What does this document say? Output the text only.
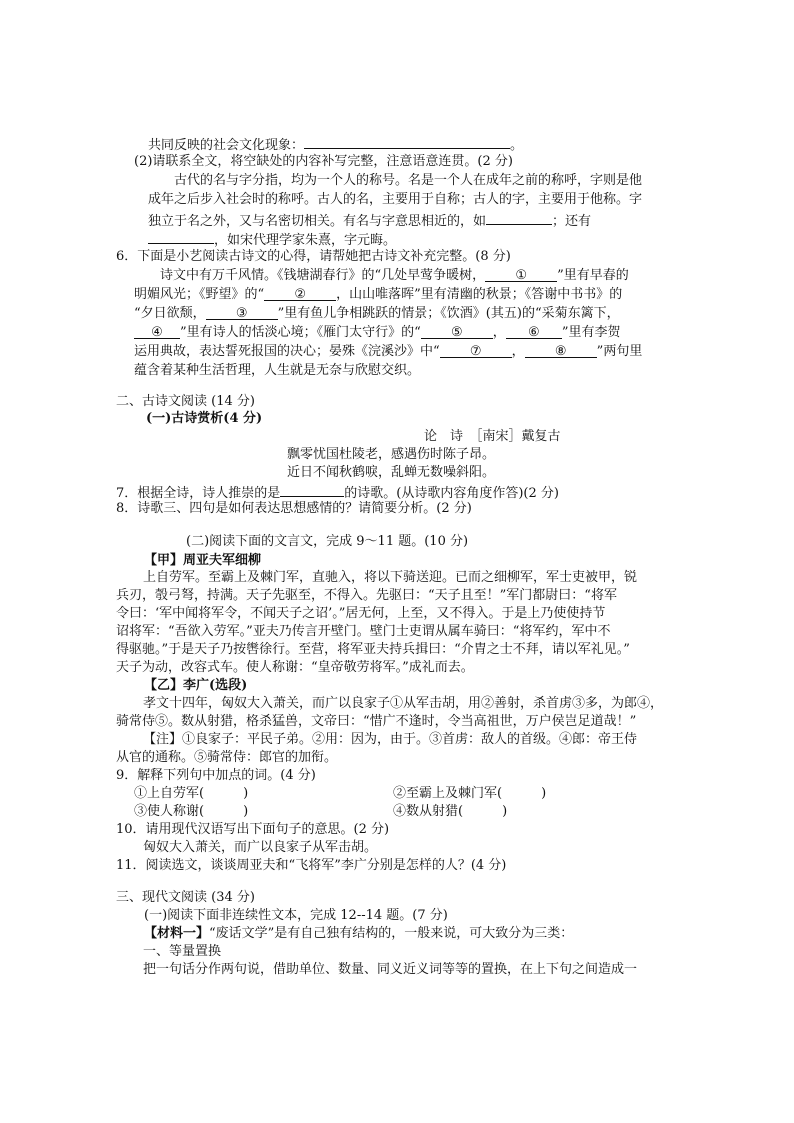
共同反映的社会文化现象：	。
(2)请联系全文，将空缺处的内容补写完整，注意语意连贯。(2 分)
古代的名与字分指，均为一个人的称号。名是一个人在成年之前的称呼，字则是他
成年之后步入社会时的称呼。古人的名，主要用于自称；古人的字，主要用于他称。字
独立于名之外，又与名密切相关。有名与字意思相近的，如	；还有
，如宋代理学家朱熹，字元晦。
6．下面是小艺阅读古诗文的心得，请帮她把古诗文补充完整。(8 分)
诗文中有万千风情。《钱塘湖春行》的“几处早莺争暖树， ① ”里有早春的
明媚风光；《野望》的“ ② ，山山唯落晖”里有清幽的秋景；《答谢中书书》的
“夕日欲颓， ③ ”里有鱼儿争相跳跃的情景；《饮酒》(其五)的“采菊东篱下，
④ ”里有诗人的恬淡心境；《雁门太守行》的“ ⑤ ， ⑥ ”里有李贺
运用典故，表达誓死报国的决心；晏殊《浣溪沙》中“ ⑦ ， ⑧ ”两句里
蕴含着某种生活哲理，人生就是无奈与欣慰交织。
二、古诗文阅读 (14 分)
(一)古诗赏析(4 分)
论　诗　［南宋］戴复古
飘零忧国杜陵老，感遇伤时陈子昂。
近日不闻秋鹤唳，乱蝉无数噪斜阳。
7．根据全诗，诗人推崇的是	的诗歌。(从诗歌内容角度作答)(2 分)
8．诗歌三、四句是如何表达思想感情的？请简要分析。(2 分)
(二)阅读下面的文言文，完成 9～11 题。(10 分)
【甲】周亚夫军细柳
上自劳军。至霸上及棘门军，直驰入，将以下骑送迎。已而之细柳军，军士吏被甲，锐
兵刃，彀弓弩，持满。天子先驱至，不得入。先驱曰：“天子且至！”军门都尉曰：“将军
令曰：‘军中闻将军令，不闻天子之诏’。”居无何，上至，又不得入。于是上乃使使持节
诏将军：“吾欲入劳军。”亚夫乃传言开壁门。壁门士吏谓从属车骑曰：“将军约，军中不
得驱驰。”于是天子乃按辔徐行。至营，将军亚夫持兵揖曰：“介胄之士不拜，请以军礼见。”
天子为动，改容式车。使人称谢：“皇帝敬劳将军。”成礼而去。
【乙】李广(选段)
孝文十四年，匈奴大入萧关，而广以良家子①从军击胡，用②善射，杀首虏③多，为郎④，
骑常侍⑤。数从射猎，格杀猛兽，文帝曰：“惜广不逢时，令当高祖世，万户侯岂足道哉！”
【注】①良家子：平民子弟。②用：因为，由于。③首虏：敌人的首级。④郎：帝王侍
从官的通称。⑤骑常侍：郎官的加衔。
9．解释下列句中加点的词。(4 分)
①上自劳军(　　　)	②至霸上及棘门军(　　　)
③使人称谢(　　　)	④数从射猎(　　　)
10．请用现代汉语写出下面句子的意思。(2 分)
匈奴大入萧关，而广以良家子从军击胡。
11．阅读选文，谈谈周亚夫和“飞将军”李广分别是怎样的人？(4 分)
三、现代文阅读 (34 分)
(一)阅读下面非连续性文本，完成 12--14 题。(7 分)
【材料一】“废话文学”是有自己独有结构的，一般来说，可大致分为三类：
一、等量置换
把一句话分作两句说，借助单位、数量、同义近义词等等的置换，在上下句之间造成一
